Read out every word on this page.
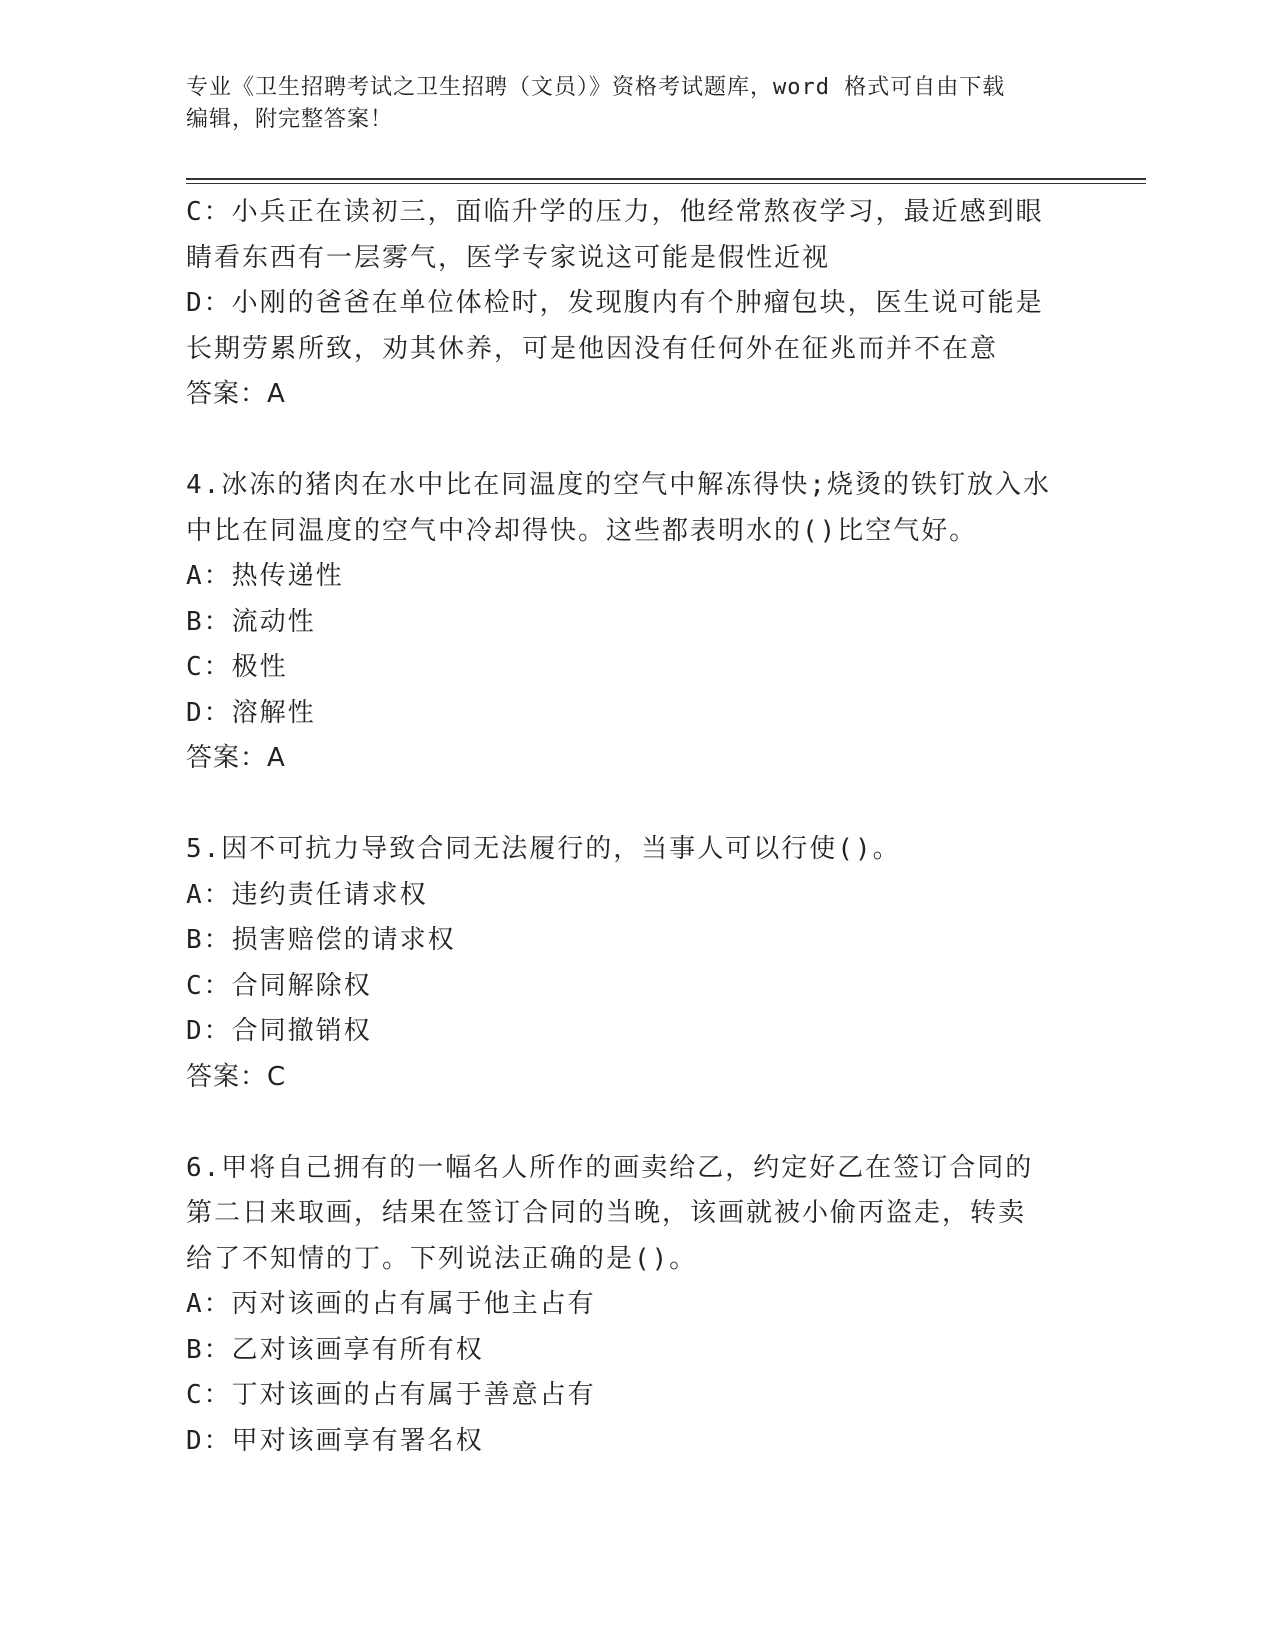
专业《卫生招聘考试之卫生招聘（文员）》资格考试题库，word 格式可自由下载
编辑，附完整答案！

C：小兵正在读初三，面临升学的压力，他经常熬夜学习，最近感到眼

睛看东西有一层雾气，医学专家说这可能是假性近视

D：小刚的爸爸在单位体检时，发现腹内有个肿瘤包块，医生说可能是

长期劳累所致，劝其休养，可是他因没有任何外在征兆而并不在意

答案：A

4.冰冻的猪肉在水中比在同温度的空气中解冻得快;烧烫的铁钉放入水

中比在同温度的空气中冷却得快。这些都表明水的()比空气好。

A：热传递性

B：流动性

C：极性

D：溶解性

答案：A

5.因不可抗力导致合同无法履行的，当事人可以行使()。

A：违约责任请求权

B：损害赔偿的请求权

C：合同解除权

D：合同撤销权

答案：C

6.甲将自己拥有的一幅名人所作的画卖给乙，约定好乙在签订合同的

第二日来取画，结果在签订合同的当晚，该画就被小偷丙盗走，转卖

给了不知情的丁。下列说法正确的是()。

A：丙对该画的占有属于他主占有

B：乙对该画享有所有权

C：丁对该画的占有属于善意占有

D：甲对该画享有署名权
